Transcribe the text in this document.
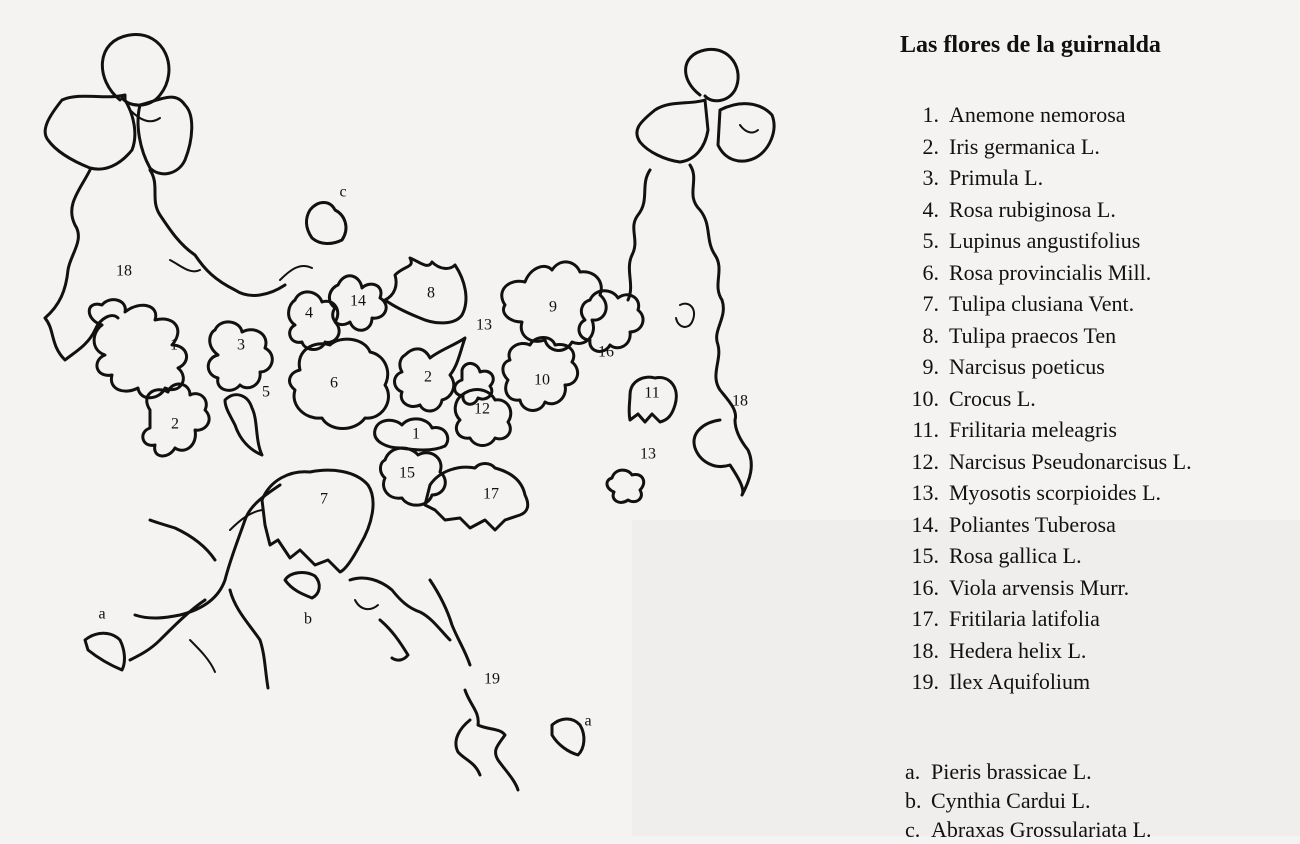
1
1
2
2
3
4
5
6
7
8
9
10
11
12
13
13
14
15
16
17
18
18
19
a
a
b
c
Las flores de la guirnalda
1. Anemone nemorosa
2. Iris germanica L.
3. Primula L.
4. Rosa rubiginosa L.
5. Lupinus angustifolius
6. Rosa provincialis Mill.
7. Tulipa clusiana Vent.
8. Tulipa praecos Ten
9. Narcisus poeticus
10. Crocus L.
11. Frilitaria meleagris
12. Narcisus Pseudonarcisus L.
13. Myosotis scorpioides L.
14. Poliantes Tuberosa
15. Rosa gallica L.
16. Viola arvensis Murr.
17. Fritilaria latifolia
18. Hedera helix L.
19. Ilex Aquifolium
a. Pieris brassicae L.
b. Cynthia Cardui L.
c. Abraxas Grossulariata L.
